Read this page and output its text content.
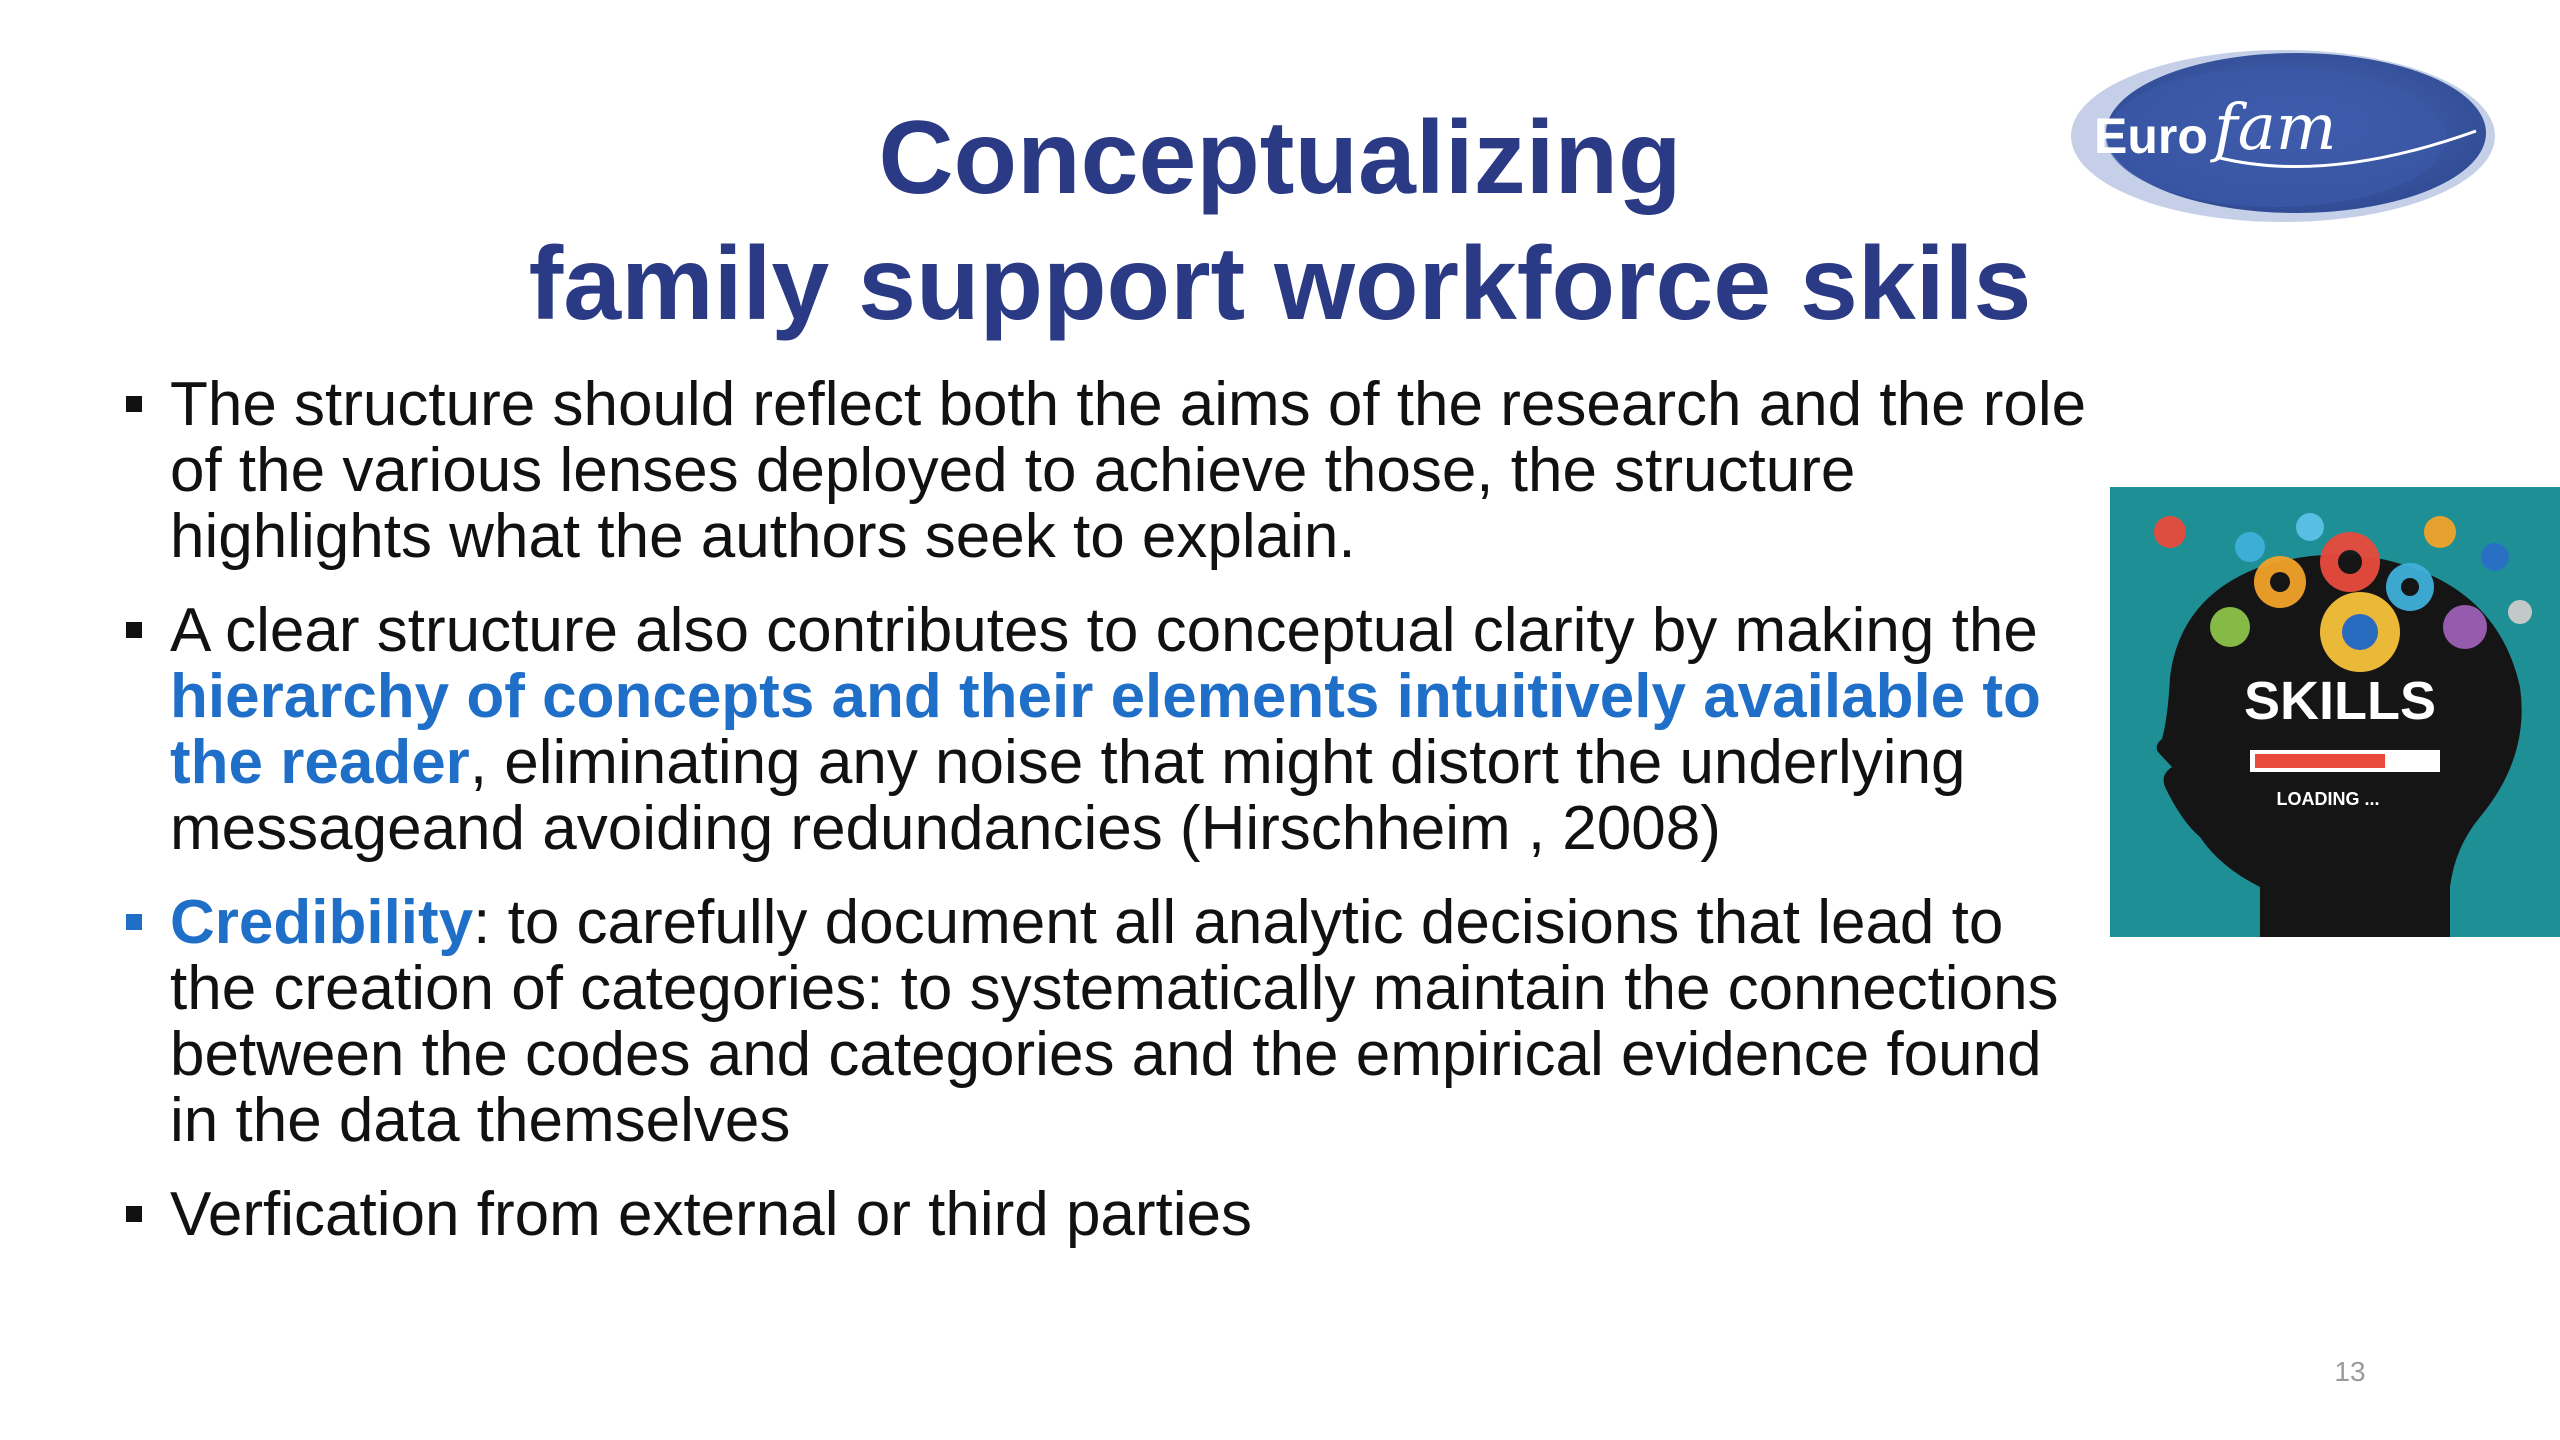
Conceptualizing
family support workforce skils
Euro fam
SKILLS
LOADING ...
The structure should reflect both the aims of the research and the role of the various lenses deployed to achieve those, the structure highlights what the authors seek to explain.
A clear structure also contributes to conceptual clarity by making the hierarchy of concepts and their elements intuitively available to the reader, eliminating any noise that might distort the underlying messageand avoiding redundancies (Hirschheim , 2008)
Credibility: to carefully document all analytic decisions that lead to the creation of categories: to systematically maintain the connections between the codes and categories and the empirical evidence found in the data themselves
Verfication from external or third parties
13
